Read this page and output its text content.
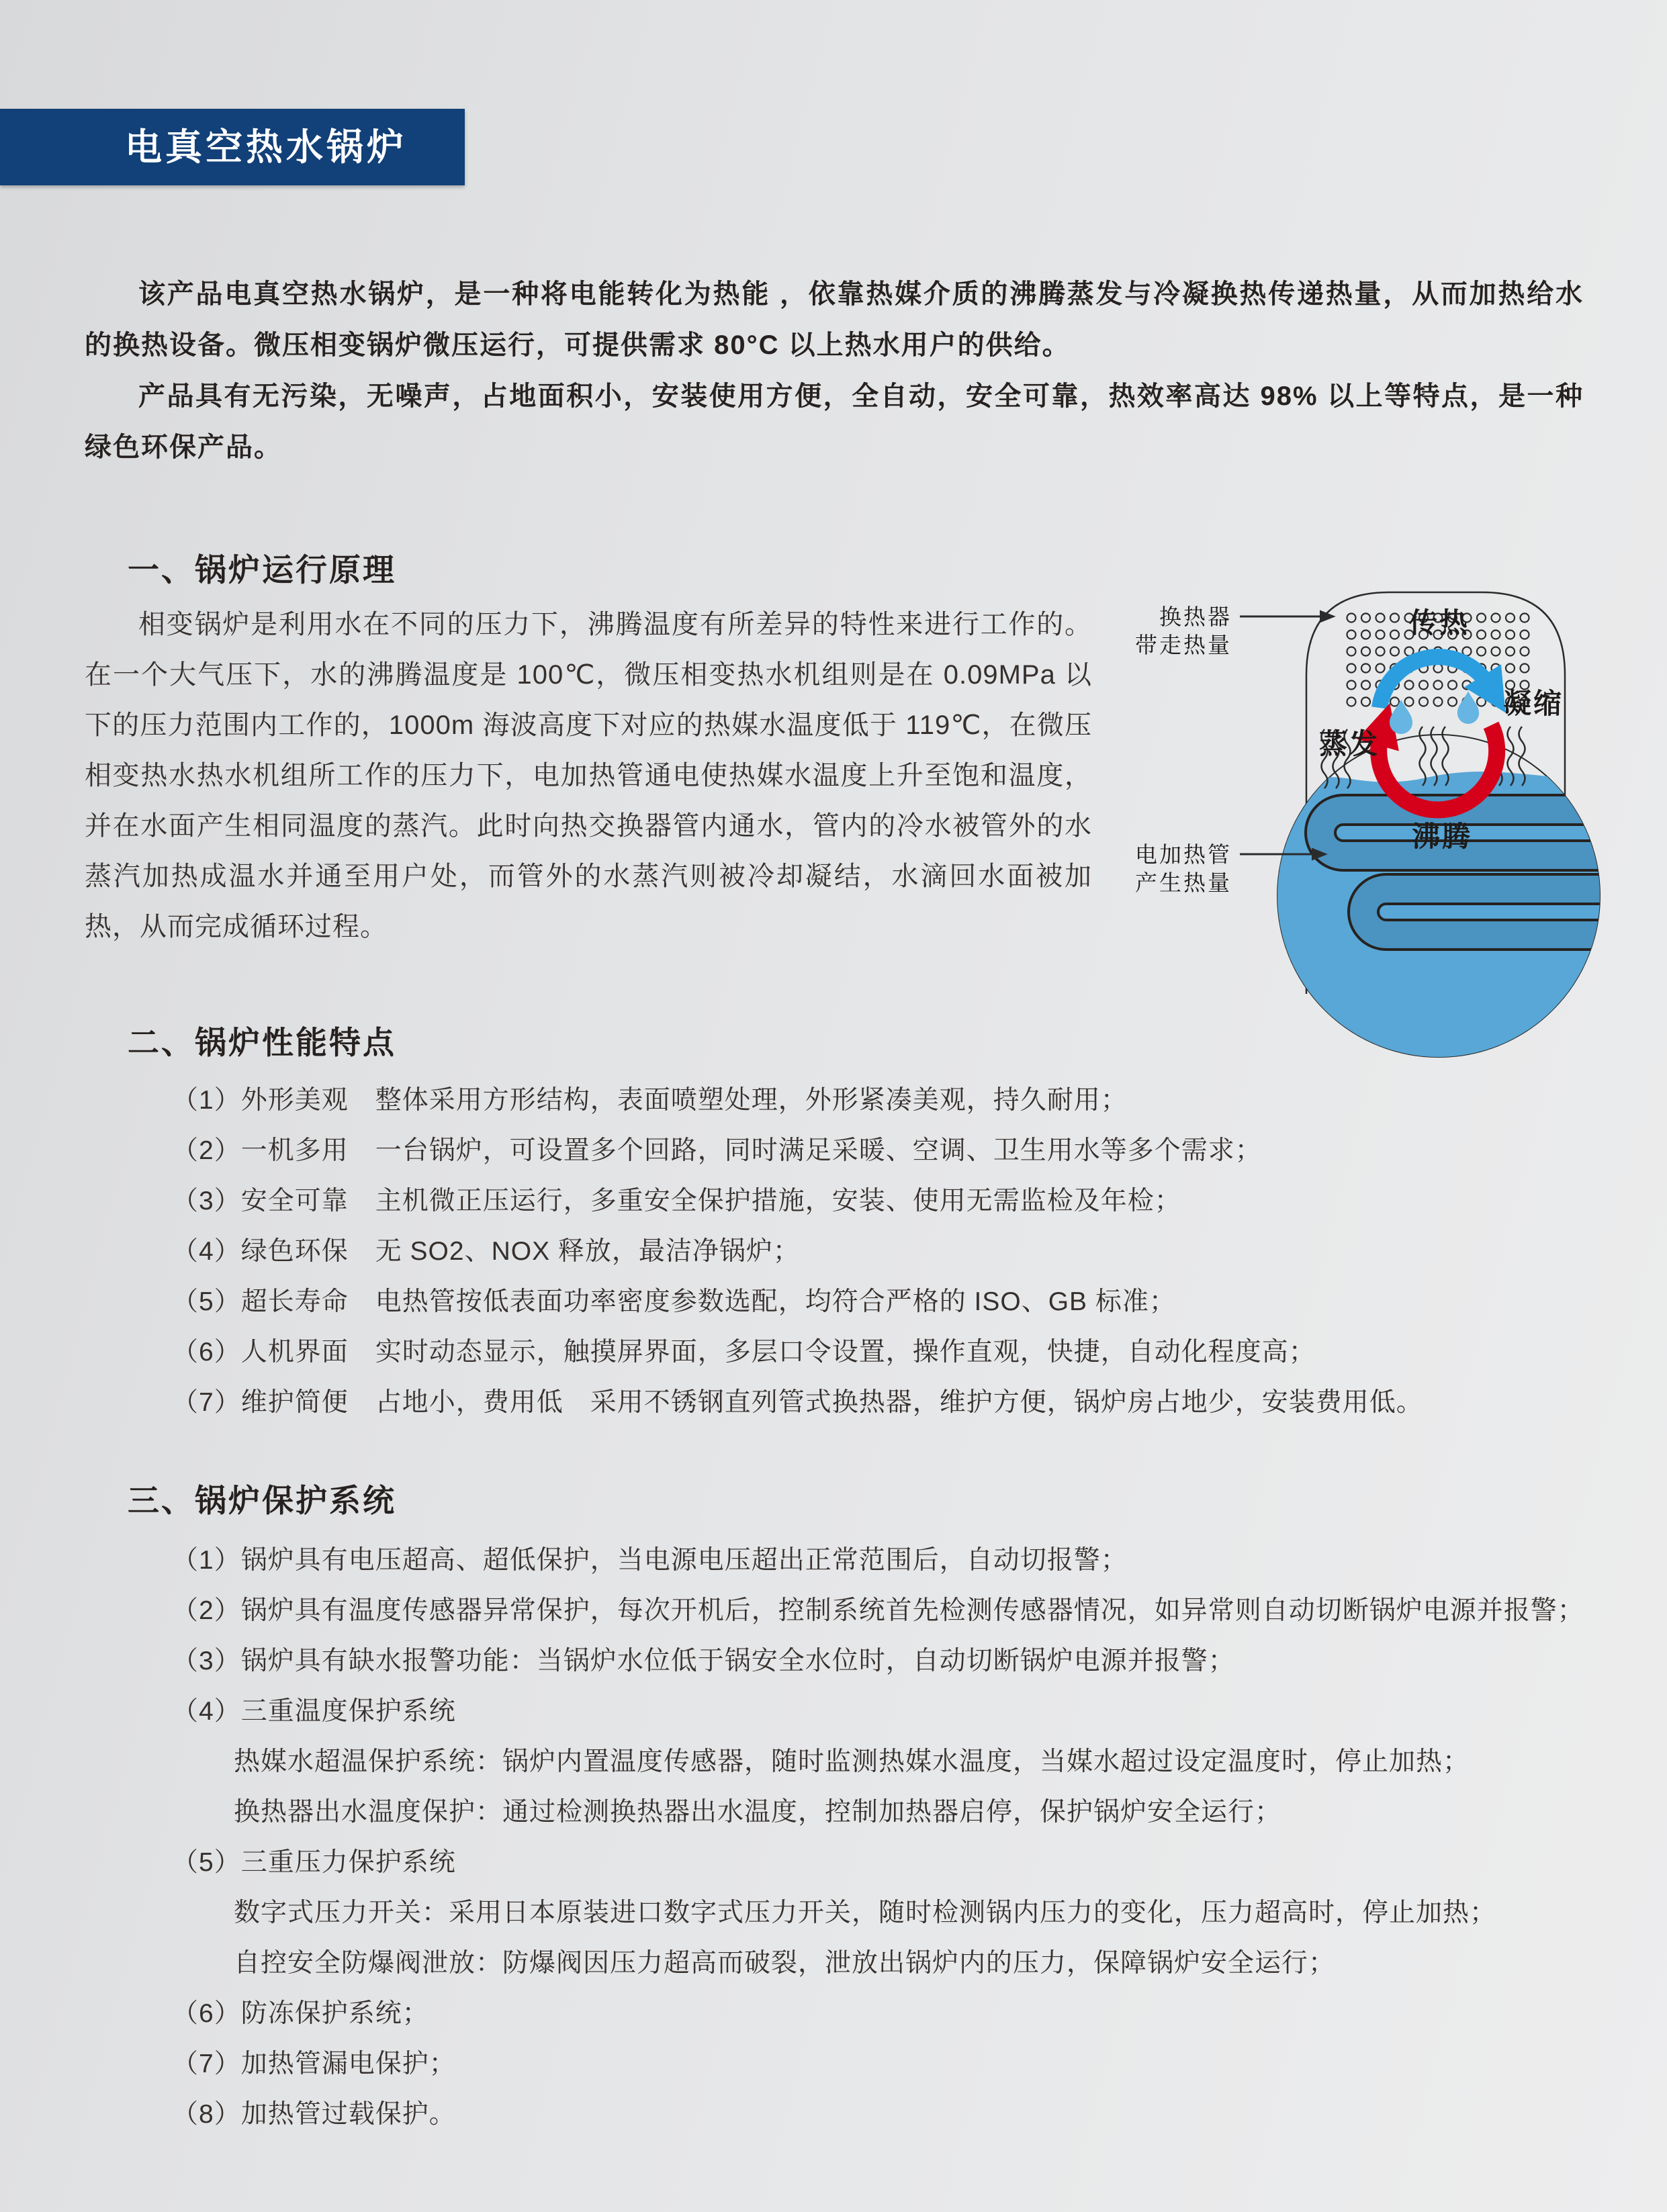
电真空热水锅炉

该产品电真空热水锅炉，是一种将电能转化为热能 ，依靠热媒介质的沸腾蒸发与冷凝换热传递热量，从而加热给水的换热设备。微压相变锅炉微压运行，可提供需求 80°C 以上热水用户的供给。

产品具有无污染，无噪声，占地面积小，安装使用方便，全自动，安全可靠，热效率高达 98% 以上等特点，是一种绿色环保产品。

一、锅炉运行原理
相变锅炉是利用水在不同的压力下，沸腾温度有所差异的特性来进行工作的。在一个大气压下，水的沸腾温度是 100℃，微压相变热水机组则是在 0.09MPa 以下的压力范围内工作的，1000m 海波高度下对应的热媒水温度低于 119℃，在微压相变热水热水机组所工作的压力下，电加热管通电使热媒水温度上升至饱和温度，并在水面产生相同温度的蒸汽。此时向热交换器管内通水，管内的冷水被管外的水蒸汽加热成温水并通至用户处，而管外的水蒸汽则被冷却凝结，水滴回水面被加热，从而完成循环过程。
传热
凝缩
蒸发
沸腾
换热器
带走热量
电加热管
产生热量
二、锅炉性能特点
（1）外形美观　整体采用方形结构，表面喷塑处理，外形紧凑美观，持久耐用；
（2）一机多用　一台锅炉，可设置多个回路，同时满足采暖、空调、卫生用水等多个需求；
（3）安全可靠　主机微正压运行，多重安全保护措施，安装、使用无需监检及年检；
（4）绿色环保　无 SO2、NOX 释放，最洁净锅炉；
（5）超长寿命　电热管按低表面功率密度参数选配，均符合严格的 ISO、GB 标准；
（6）人机界面　实时动态显示，触摸屏界面，多层口令设置，操作直观，快捷，自动化程度高；
（7）维护简便　占地小，费用低　采用不锈钢直列管式换热器，维护方便，锅炉房占地少，安装费用低。
三、锅炉保护系统
（1）锅炉具有电压超高、超低保护，当电源电压超出正常范围后，自动切报警；
（2）锅炉具有温度传感器异常保护，每次开机后，控制系统首先检测传感器情况，如异常则自动切断锅炉电源并报警；
（3）锅炉具有缺水报警功能：当锅炉水位低于锅安全水位时，自动切断锅炉电源并报警；
（4）三重温度保护系统
热媒水超温保护系统：锅炉内置温度传感器，随时监测热媒水温度，当媒水超过设定温度时，停止加热；
换热器出水温度保护：通过检测换热器出水温度，控制加热器启停，保护锅炉安全运行；
（5）三重压力保护系统
数字式压力开关：采用日本原装进口数字式压力开关，随时检测锅内压力的变化，压力超高时，停止加热；
自控安全防爆阀泄放：防爆阀因压力超高而破裂，泄放出锅炉内的压力，保障锅炉安全运行；
（6）防冻保护系统；
（7）加热管漏电保护；
（8）加热管过载保护。
